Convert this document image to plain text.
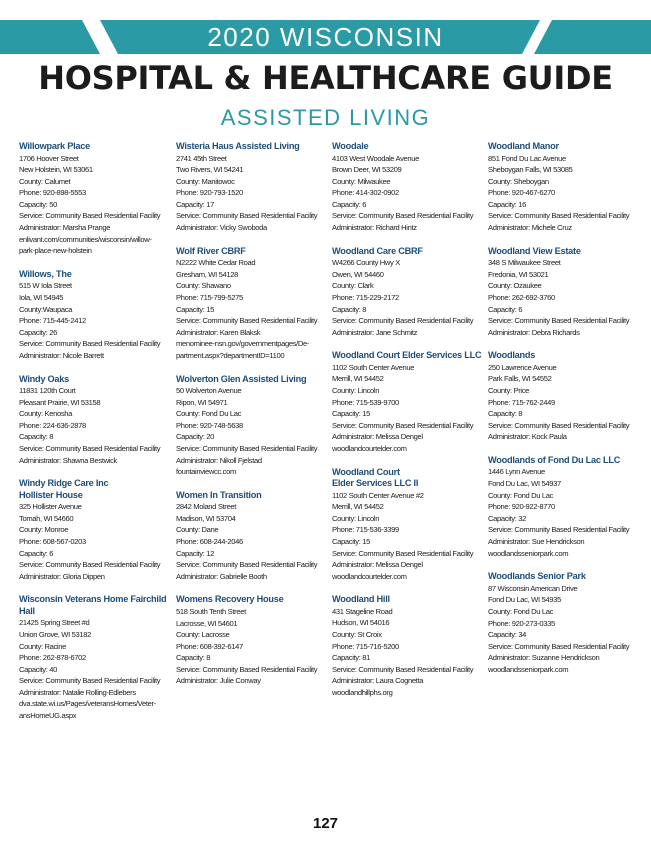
2020 WISCONSIN
HOSPITAL & HEALTHCARE GUIDE
ASSISTED LIVING
Willowpark Place
1706 Hoover Street
New Holstein, WI 53061
County: Calumet
Phone: 920-898-5553
Capacity: 50
Service: Community Based Residential Facility
Administrator: Marsha Prange
enlivant.com/communities/wisconsin/willow-
park-place-new-holstein
Willows, The
515 W Iola Street
Iola, WI 54945
County:Waupaca
Phone: 715-445-2412
Capacity: 26
Service: Community Based Residential Facility
Administrator: Nicole Barrett
Windy Oaks
11831 120th Court
Pleasant Prairie, WI 53158
County: Kenosha
Phone: 224-636-2878
Capacity: 8
Service: Community Based Residential Facility
Administrator: Shawna Bestwick
Windy Ridge Care Inc
Hollister House
325 Hollister Avenue
Tomah, WI 54660
County: Monroe
Phone: 608-567-0203
Capacity: 6
Service: Community Based Residential Facility
Administrator: Gloria Dippen
Wisconsin Veterans Home Fairchild
Hall
21425 Spring Street #d
Union Grove, WI 53182
County: Racine
Phone: 262-878-6702
Capacity: 40
Service: Community Based Residential Facility
Administrator: Natalie Rolling-Edlebers
dva.state.wi.us/Pages/veteransHomes/Veter-
ansHomeUG.aspx
Wisteria Haus Assisted Living
2741 45th Street
Two Rivers, WI 54241
County: Manitowoc
Phone: 920-793-1520
Capacity: 17
Service: Community Based Residential Facility
Administrator: Vicky Swoboda
Wolf River CBRF
N2222 White Cedar Road
Gresham, WI 54128
County: Shawano
Phone: 715-799-5275
Capacity: 15
Service: Community Based Residential Facility
Administrator: Karen Blaksk
menominee-nsn.gov/governmentpages/De-
partment.aspx?departmentID=1100
Wolverton Glen Assisted Living
50 Wolverton Avenue
Ripon, WI 54971
County: Fond Du Lac
Phone: 920-748-5638
Capacity: 20
Service: Community Based Residential Facility
Administrator: Nikoll Fjelstad
fountainviewcc.com
Women In Transition
2842 Moland Street
Madison, WI 53704
County: Dane
Phone: 608-244-2046
Capacity: 12
Service: Community Based Residential Facility
Administrator: Gabrielle Booth
Womens Recovery House
518 South Tenth Street
Lacrosse, WI 54601
County: Lacrosse
Phone: 608-392-6147
Capacity: 8
Service: Community Based Residential Facility
Administrator: Julie Conway
Woodale
4103 West Woodale Avenue
Brown Deer, WI 53209
County: Milwaukee
Phone: 414-302-0902
Capacity: 6
Service: Community Based Residential Facility
Administrator: Richard Hintz
Woodland Care CBRF
W4266 County Hwy X
Owen, WI 54460
County: Clark
Phone: 715-229-2172
Capacity: 8
Service: Community Based Residential Facility
Administrator: Jane Schmitz
Woodland Court Elder Services LLC
1102 South Center Avenue
Merrill, WI 54452
County: Lincoln
Phone: 715-539-9700
Capacity: 15
Service: Community Based Residential Facility
Administrator: Melissa Dengel
woodlandcourtelder.com
Woodland Court
Elder Services LLC II
1102 South Center Avenue #2
Merrill, WI 54452
County: Lincoln
Phone: 715-536-3399
Capacity: 15
Service: Community Based Residential Facility
Administrator: Melissa Dengel
woodlandcourtelder.com
Woodland Hill
431 Stageline Road
Hudson, WI 54016
County: St Croix
Phone: 715-716-5200
Capacity: 81
Service: Community Based Residential Facility
Administrator: Laura Cognetta
woodlandhillphs.org
Woodland Manor
851 Fond Du Lac Avenue
Sheboygan Falls, WI 53085
County: Sheboygan
Phone: 920-467-6270
Capacity: 16
Service: Community Based Residential Facility
Administrator: Michele Cruz
Woodland View Estate
348 S Milwaukee Street
Fredonia, WI 53021
County: Ozaukee
Phone: 262-692-3760
Capacity: 6
Service: Community Based Residential Facility
Administrator: Debra Richards
Woodlands
250 Lawrence Avenue
Park Falls, WI 54552
County: Price
Phone: 715-762-2449
Capacity: 8
Service: Community Based Residential Facility
Administrator: Kock Paula
Woodlands of Fond Du Lac LLC
1446 Lynn Avenue
Fond Du Lac, WI 54937
County: Fond Du Lac
Phone: 920-922-8770
Capacity: 32
Service: Community Based Residential Facility
Administrator: Sue Hendrickson
woodlandsseniorpark.com
Woodlands Senior Park
87 Wisconsin American Drive
Fond Du Lac, WI 54935
County: Fond Du Lac
Phone: 920-273-0335
Capacity: 34
Service: Community Based Residential Facility
Administrator: Suzanne Hendrickson
woodlandsseniorpark.com
127
